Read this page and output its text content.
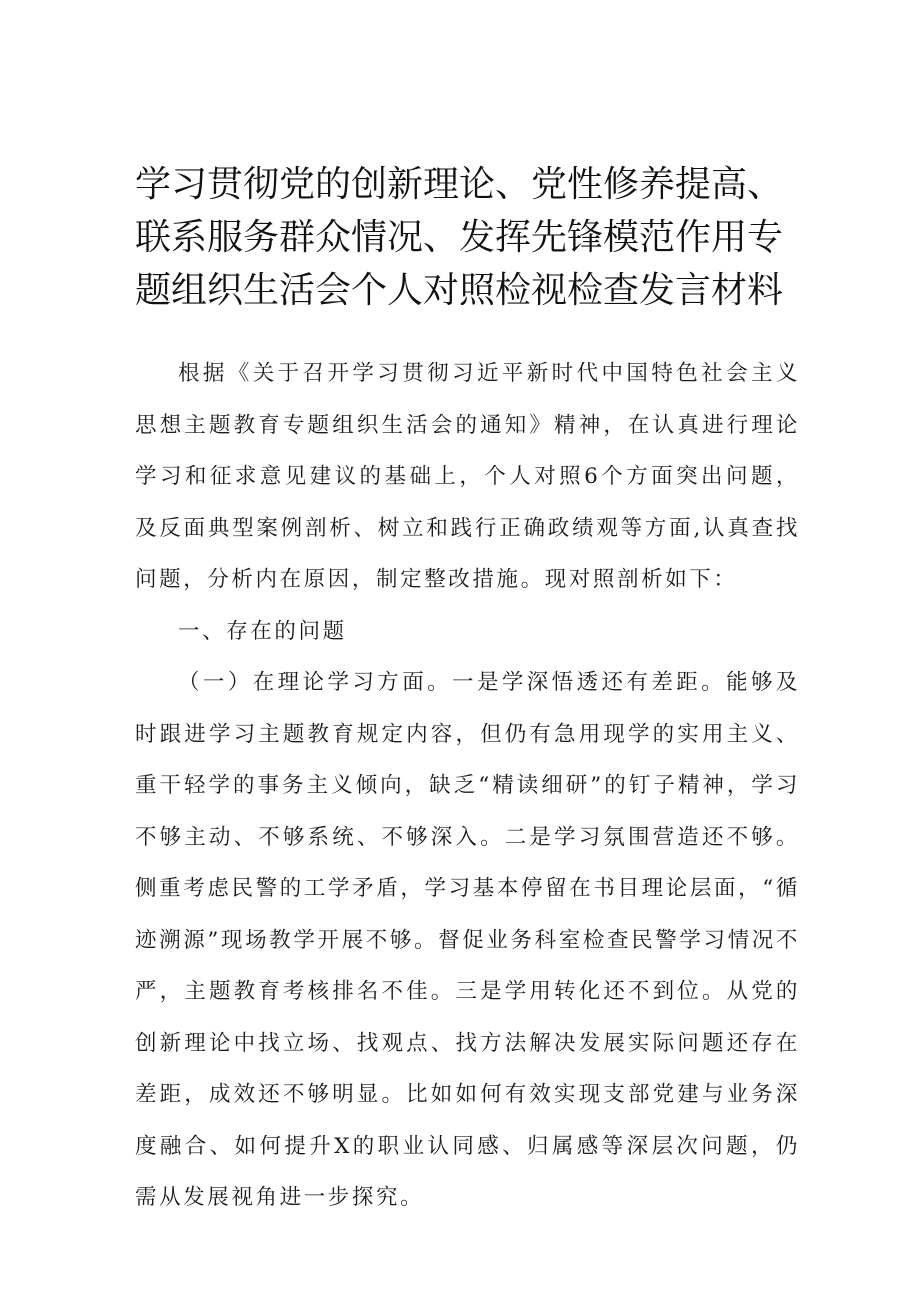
学习贯彻党的创新理论、党性修养提高、联系服务群众情况、发挥先锋模范作用专题组织生活会个人对照检视检查发言材料

根据《关于召开学习贯彻习近平新时代中国特色社会主义思想主题教育专题组织生活会的通知》精神，在认真进行理论学习和征求意见建议的基础上，个人对照6个方面突出问题，及反面典型案例剖析、树立和践行正确政绩观等方面,认真查找问题，分析内在原因，制定整改措施。现对照剖析如下：

一、存在的问题

（一）在理论学习方面。一是学深悟透还有差距。能够及时跟进学习主题教育规定内容，但仍有急用现学的实用主义、重干轻学的事务主义倾向，缺乏“精读细研”的钉子精神，学习不够主动、不够系统、不够深入。二是学习氛围营造还不够。侧重考虑民警的工学矛盾，学习基本停留在书目理论层面，“循迹溯源”现场教学开展不够。督促业务科室检查民警学习情况不严，主题教育考核排名不佳。三是学用转化还不到位。从党的创新理论中找立场、找观点、找方法解决发展实际问题还存在差距，成效还不够明显。比如如何有效实现支部党建与业务深度融合、如何提升X的职业认同感、归属感等深层次问题，仍需从发展视角进一步探究。
